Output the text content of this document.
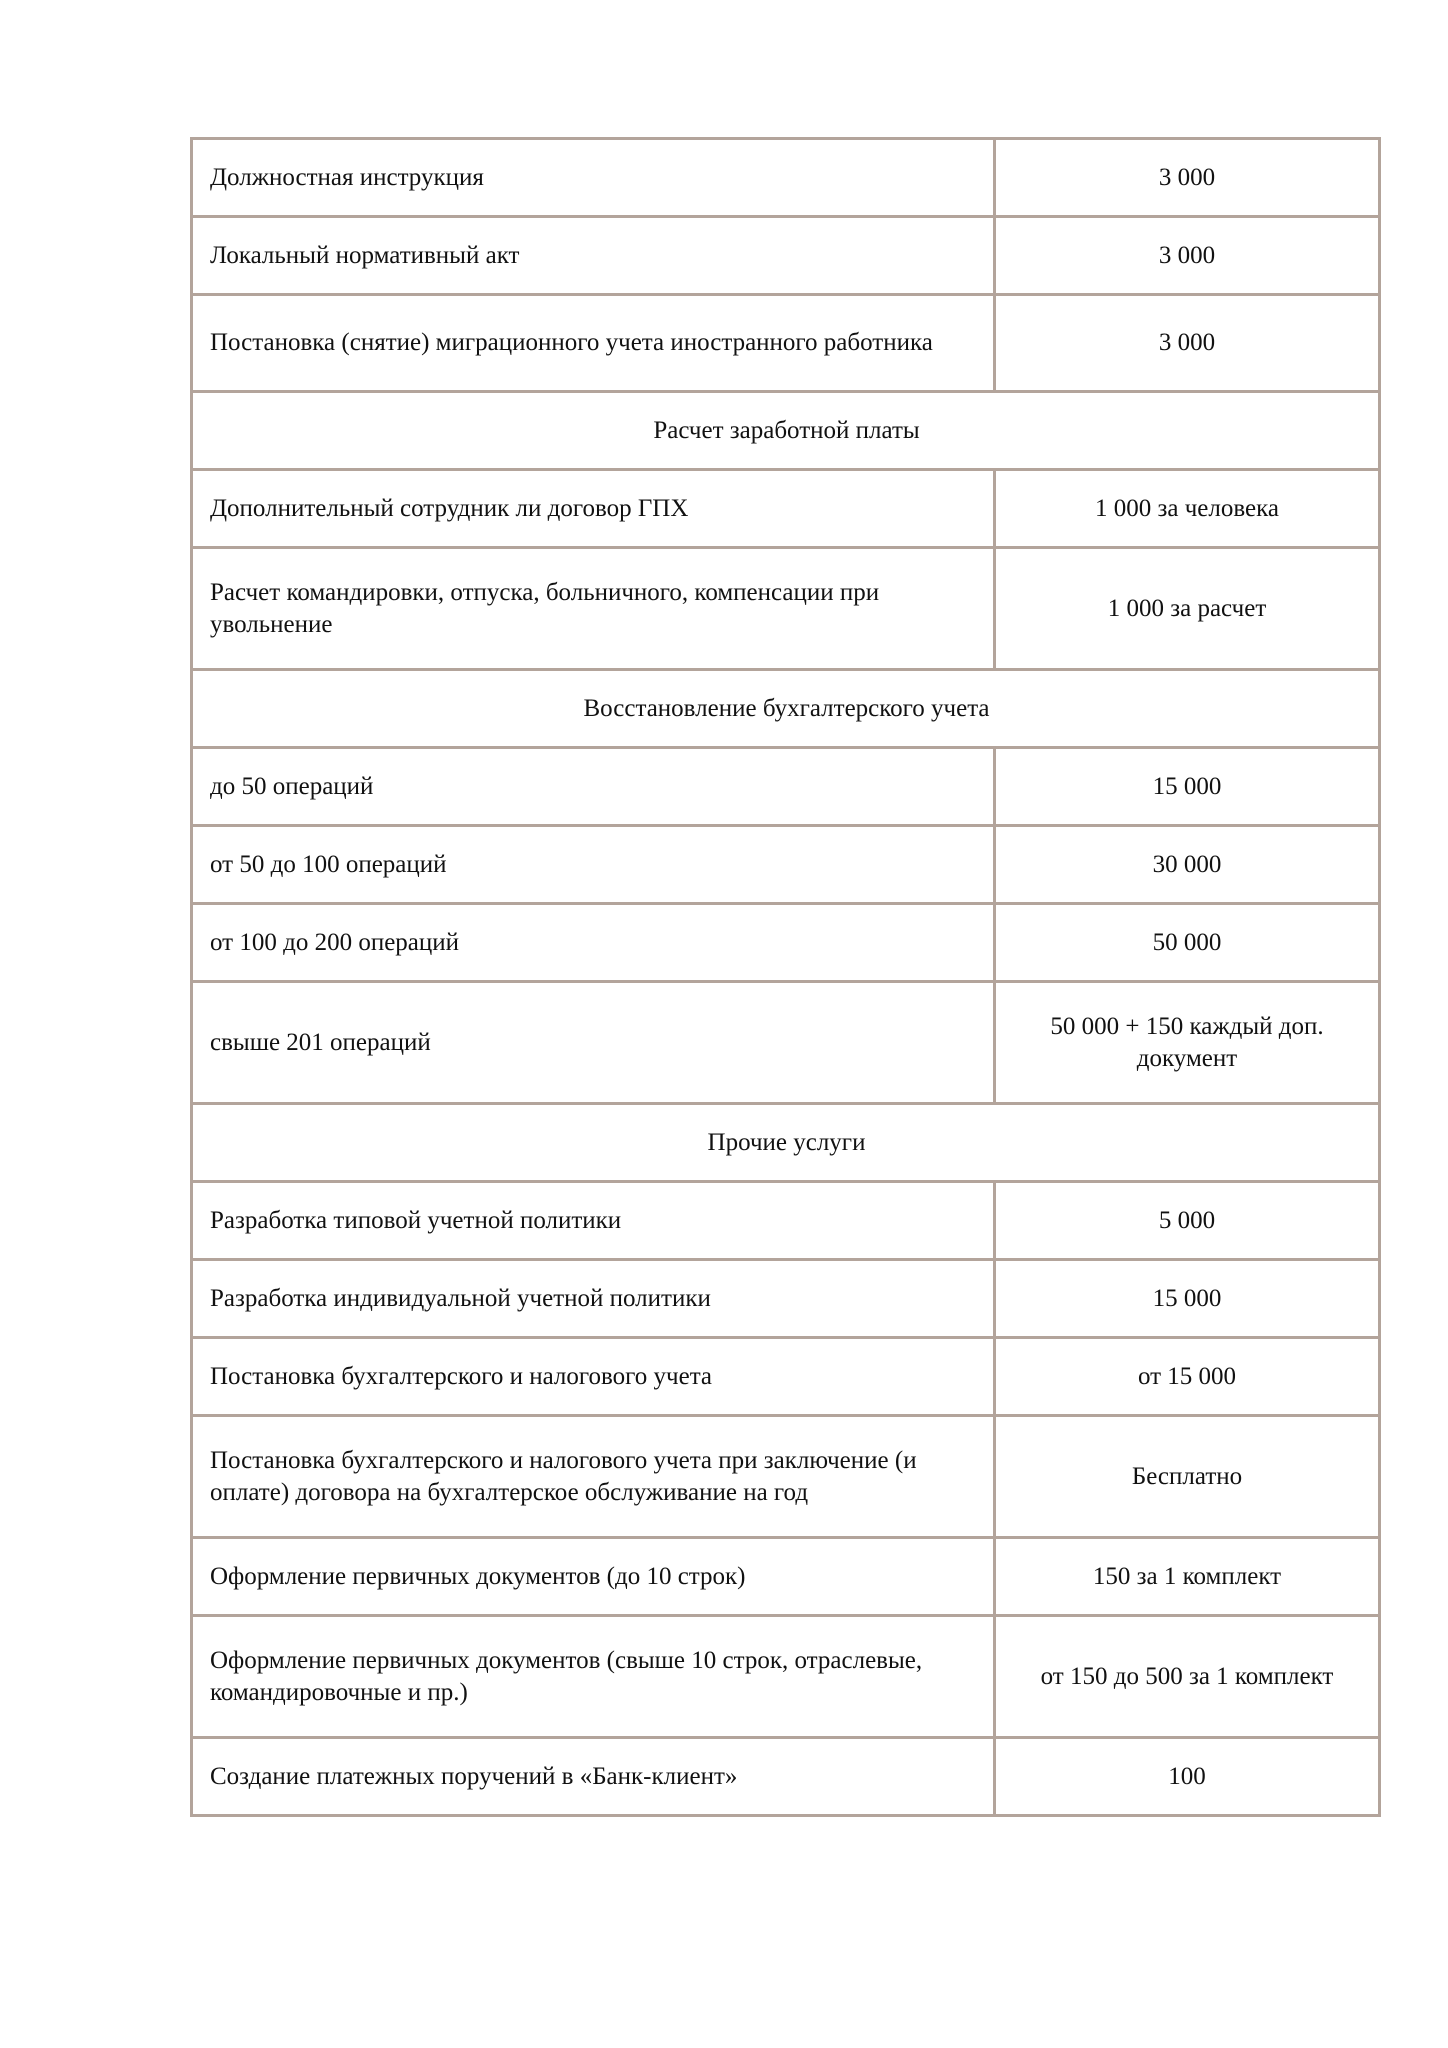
Должностная инструкция	3 000
Локальный нормативный акт	3 000
Постановка (снятие) миграционного учета иностранного работника	3 000
Расчет заработной платы	
Дополнительный сотрудник ли договор ГПХ	1 000 за человека
Расчет командировки, отпуска, больничного, компенсации при увольнение	1 000 за расчет
Восстановление бухгалтерского учета	
до 50 операций	15 000
от 50 до 100 операций	30 000
от 100 до 200 операций	50 000
свыше 201 операций	50 000 + 150 каждый доп. документ
Прочие услуги	
Разработка типовой учетной политики	5 000
Разработка индивидуальной учетной политики	15 000
Постановка бухгалтерского и налогового учета	от 15 000
Постановка бухгалтерского и налогового учета при заключение (и оплате) договора на бухгалтерское обслуживание на год	Бесплатно
Оформление первичных документов (до 10 строк)	150 за 1 комплект
Оформление первичных документов (свыше 10 строк, отраслевые, командировочные и пр.)	от 150 до 500 за 1 комплект
Создание платежных поручений в «Банк-клиент»	100
